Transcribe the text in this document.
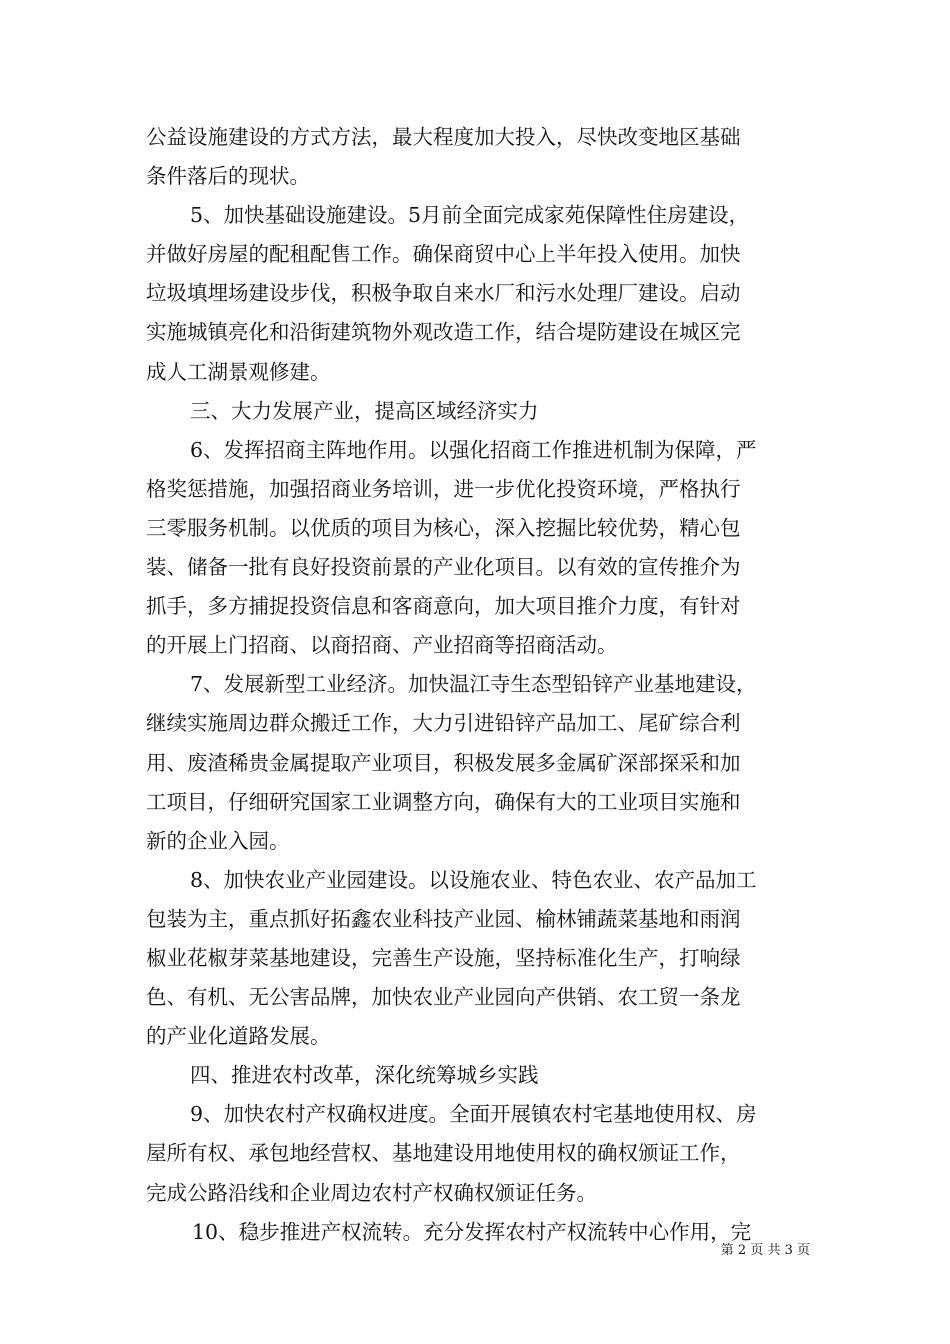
公益设施建设的方式方法，最大程度加大投入，尽快改变地区基础
条件落后的现状。
5、加快基础设施建设。5月前全面完成家苑保障性住房建设，
并做好房屋的配租配售工作。确保商贸中心上半年投入使用。加快
垃圾填埋场建设步伐，积极争取自来水厂和污水处理厂建设。启动
实施城镇亮化和沿街建筑物外观改造工作，结合堤防建设在城区完
成人工湖景观修建。
三、大力发展产业，提高区域经济实力
6、发挥招商主阵地作用。以强化招商工作推进机制为保障，严
格奖惩措施，加强招商业务培训，进一步优化投资环境，严格执行
三零服务机制。以优质的项目为核心，深入挖掘比较优势，精心包
装、储备一批有良好投资前景的产业化项目。以有效的宣传推介为
抓手，多方捕捉投资信息和客商意向，加大项目推介力度，有针对
的开展上门招商、以商招商、产业招商等招商活动。
7、发展新型工业经济。加快温江寺生态型铅锌产业基地建设，
继续实施周边群众搬迁工作，大力引进铅锌产品加工、尾矿综合利
用、废渣稀贵金属提取产业项目，积极发展多金属矿深部探采和加
工项目，仔细研究国家工业调整方向，确保有大的工业项目实施和
新的企业入园。
8、加快农业产业园建设。以设施农业、特色农业、农产品加工
包装为主，重点抓好拓鑫农业科技产业园、榆林铺蔬菜基地和雨润
椒业花椒芽菜基地建设，完善生产设施，坚持标准化生产，打响绿
色、有机、无公害品牌，加快农业产业园向产供销、农工贸一条龙
的产业化道路发展。
四、推进农村改革，深化统筹城乡实践
9、加快农村产权确权进度。全面开展镇农村宅基地使用权、房
屋所有权、承包地经营权、基地建设用地使用权的确权颁证工作，
完成公路沿线和企业周边农村产权确权颁证任务。
10、稳步推进产权流转。充分发挥农村产权流转中心作用，完
第 2 页 共 3 页
